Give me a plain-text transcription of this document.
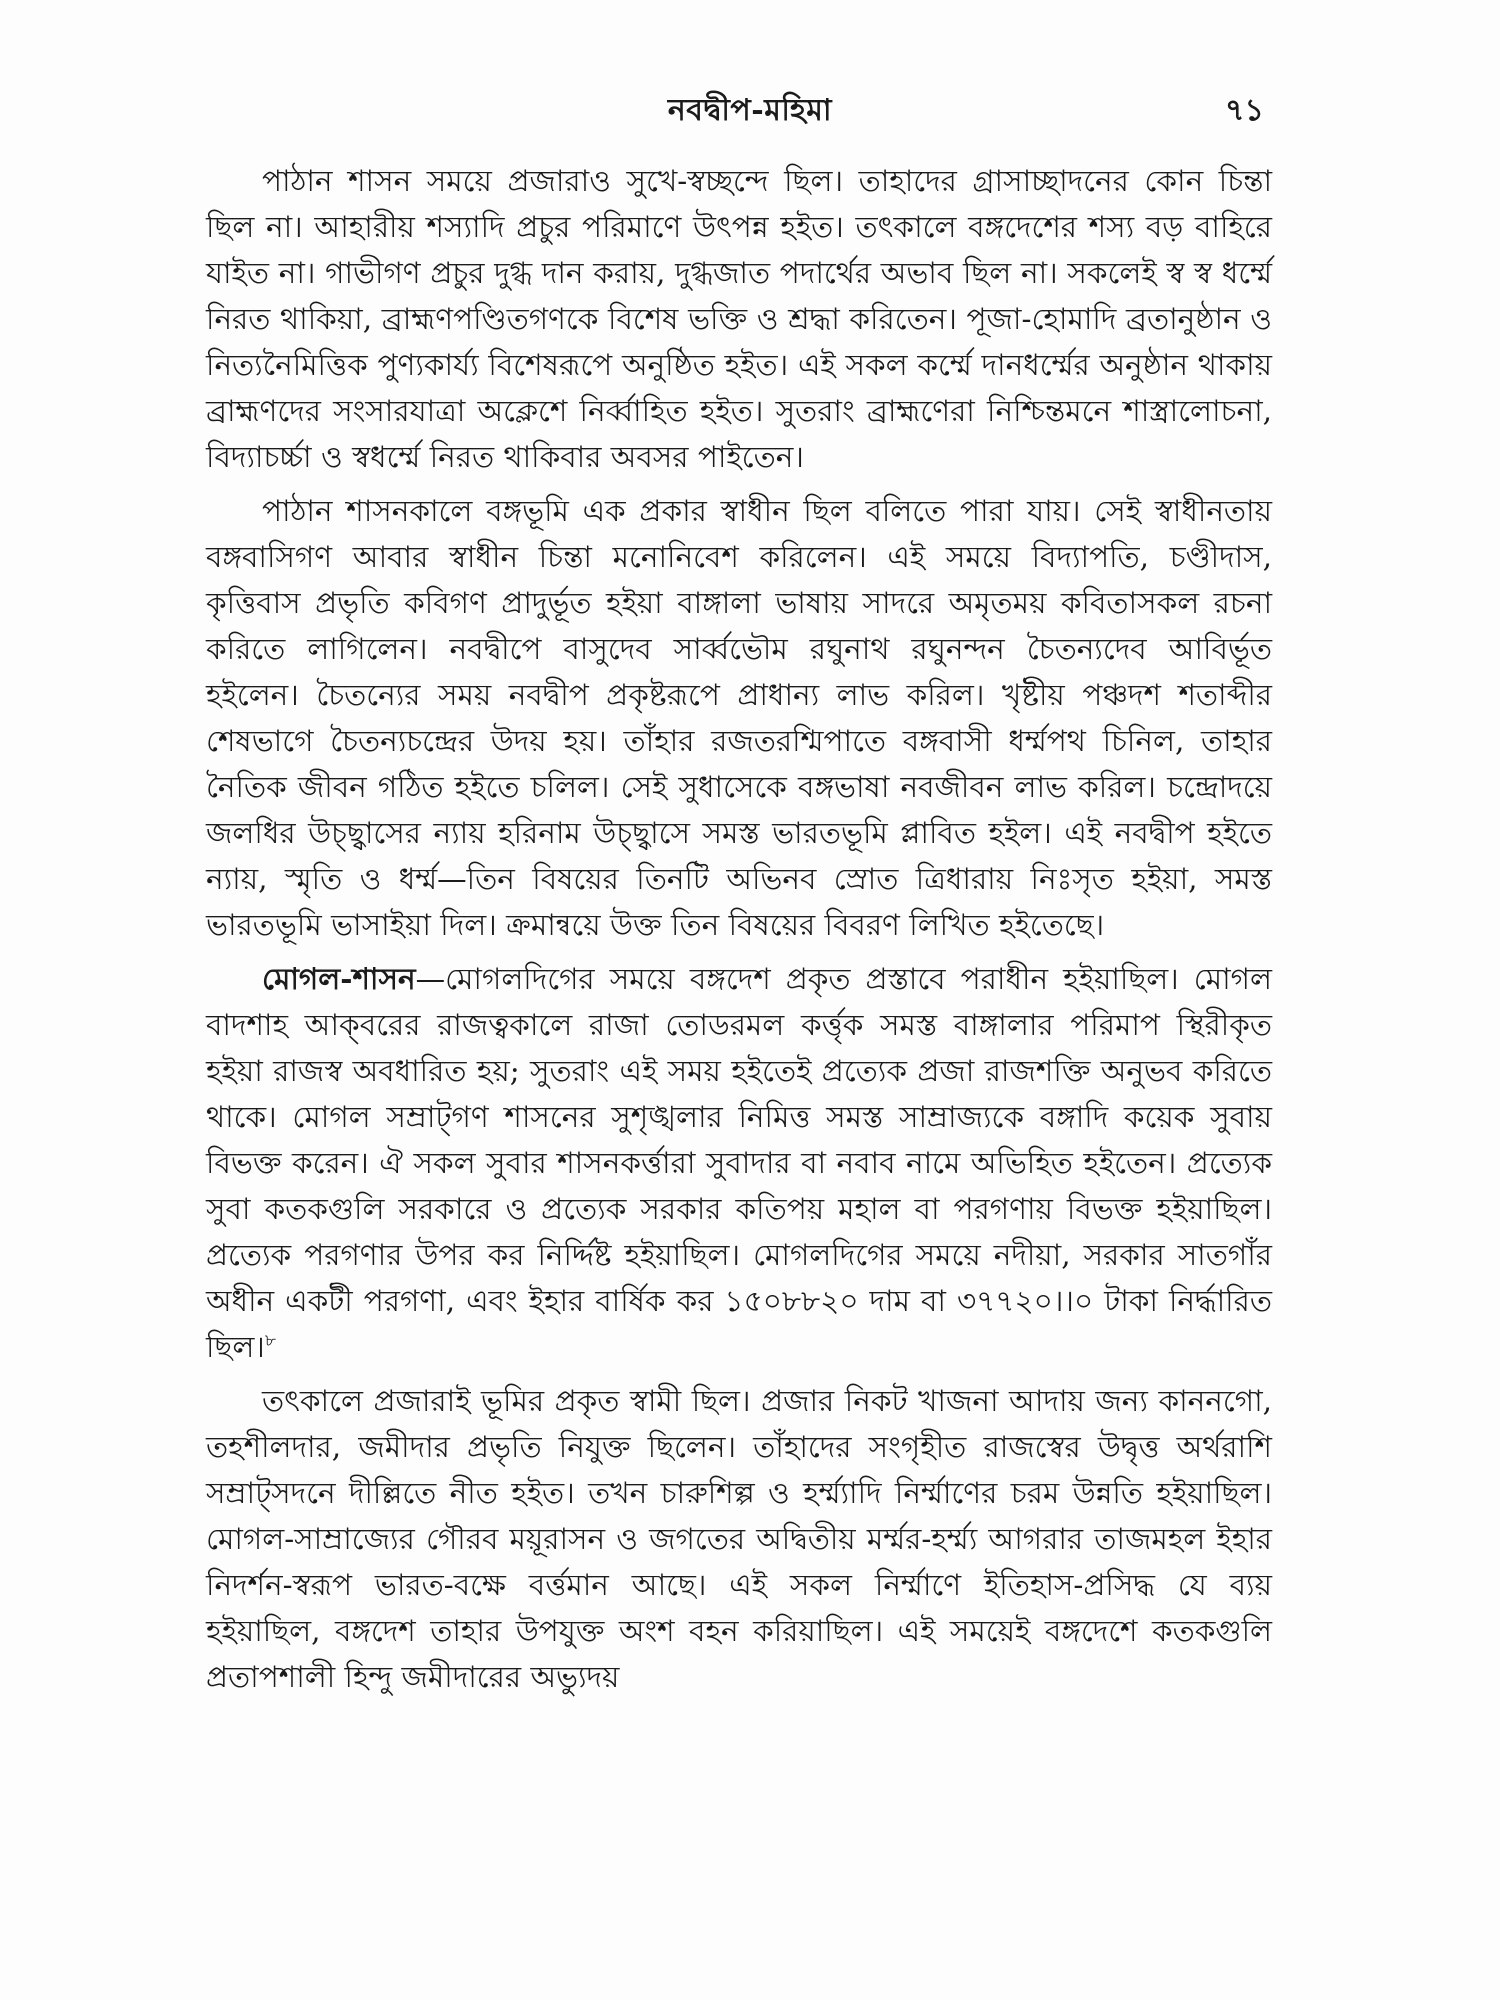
নবদ্বীপ-মহিমা	৭১

পাঠান শাসন সময়ে প্রজারাও সুখে-স্বচ্ছন্দে ছিল। তাহাদের গ্রাসাচ্ছাদনের কোন চিন্তা ছিল না। আহারীয় শস্যাদি প্রচুর পরিমাণে উৎপন্ন হইত। তৎকালে বঙ্গদেশের শস্য বড় বাহিরে যাইত না। গাভীগণ প্রচুর দুগ্ধ দান করায়, দুগ্ধজাত পদার্থের অভাব ছিল না। সকলেই স্ব স্ব ধর্ম্মে নিরত থাকিয়া, ব্রাহ্মণপণ্ডিতগণকে বিশেষ ভক্তি ও শ্রদ্ধা করিতেন। পূজা-হোমাদি ব্রতানুষ্ঠান ও নিত্যনৈমিত্তিক পুণ্যকার্য্য বিশেষরূপে অনুষ্ঠিত হইত। এই সকল কর্ম্মে দানধর্ম্মের অনুষ্ঠান থাকায় ব্রাহ্মণদের সংসারযাত্রা অক্লেশে নির্ব্বাহিত হইত। সুতরাং ব্রাহ্মণেরা নিশ্চিন্তমনে শাস্ত্রালোচনা, বিদ্যাচর্চ্চা ও স্বধর্ম্মে নিরত থাকিবার অবসর পাইতেন।

পাঠান শাসনকালে বঙ্গভূমি এক প্রকার স্বাধীন ছিল বলিতে পারা যায়। সেই স্বাধীনতায় বঙ্গবাসিগণ আবার স্বাধীন চিন্তা মনোনিবেশ করিলেন। এই সময়ে বিদ্যাপতি, চণ্ডীদাস, কৃত্তিবাস প্রভৃতি কবিগণ প্রাদুর্ভূত হইয়া বাঙ্গালা ভাষায় সাদরে অমৃতময় কবিতাসকল রচনা করিতে লাগিলেন। নবদ্বীপে বাসুদেব সার্ব্বভৌম রঘুনাথ রঘুনন্দন চৈতন্যদেব আবির্ভূত হইলেন। চৈতন্যের সময় নবদ্বীপ প্রকৃষ্টরূপে প্রাধান্য লাভ করিল। খৃষ্টীয় পঞ্চদশ শতাব্দীর শেষভাগে চৈতন্যচন্দ্রের উদয় হয়। তাঁহার রজতরশ্মিপাতে বঙ্গবাসী ধর্ম্মপথ চিনিল, তাহার নৈতিক জীবন গঠিত হইতে চলিল। সেই সুধাসেকে বঙ্গভাষা নবজীবন লাভ করিল। চন্দ্রোদয়ে জলধির উচ্ছ্বাসের ন্যায় হরিনাম উচ্ছ্বাসে সমস্ত ভারতভূমি প্লাবিত হইল। এই নবদ্বীপ হইতে ন্যায়, স্মৃতি ও ধর্ম্ম—তিন বিষয়ের তিনটি অভিনব স্রোত ত্রিধারায় নিঃসৃত হইয়া, সমস্ত ভারতভূমি ভাসাইয়া দিল। ক্রমান্বয়ে উক্ত তিন বিষয়ের বিবরণ লিখিত হইতেছে।

মোগল-শাসন—মোগলদিগের সময়ে বঙ্গদেশ প্রকৃত প্রস্তাবে পরাধীন হইয়াছিল। মোগল বাদশাহ আক্‌বরের রাজত্বকালে রাজা তোডরমল কর্ত্তৃক সমস্ত বাঙ্গালার পরিমাপ স্থিরীকৃত হইয়া রাজস্ব অবধারিত হয়; সুতরাং এই সময় হইতেই প্রত্যেক প্রজা রাজশক্তি অনুভব করিতে থাকে। মোগল সম্রাট্‌গণ শাসনের সুশৃঙ্খলার নিমিত্ত সমস্ত সাম্রাজ্যকে বঙ্গাদি কয়েক সুবায় বিভক্ত করেন। ঐ সকল সুবার শাসনকর্ত্তারা সুবাদার বা নবাব নামে অভিহিত হইতেন। প্রত্যেক সুবা কতকগুলি সরকারে ও প্রত্যেক সরকার কতিপয় মহাল বা পরগণায় বিভক্ত হইয়াছিল। প্রত্যেক পরগণার উপর কর নির্দ্দিষ্ট হইয়াছিল। মোগলদিগের সময়ে নদীয়া, সরকার সাতগাঁর অধীন একটী পরগণা, এবং ইহার বার্ষিক কর ১৫০৮৮২০ দাম বা ৩৭৭২০।।০ টাকা নির্দ্ধারিত ছিল।$^৮$

তৎকালে প্রজারাই ভূমির প্রকৃত স্বামী ছিল। প্রজার নিকট খাজনা আদায় জন্য কাননগো, তহশীলদার, জমীদার প্রভৃতি নিযুক্ত ছিলেন। তাঁহাদের সংগৃহীত রাজস্বের উদ্বৃত্ত অর্থরাশি সম্রাট্‌সদনে দীল্লিতে নীত হইত। তখন চারুশিল্প ও হর্ম্ম্যাদি নির্ম্মাণের চরম উন্নতি হইয়াছিল। মোগল-সাম্রাজ্যের গৌরব ময়ূরাসন ও জগতের অদ্বিতীয় মর্ম্মর-হর্ম্ম্য আগরার তাজমহল ইহার নিদর্শন-স্বরূপ ভারত-বক্ষে বর্ত্তমান আছে। এই সকল নির্ম্মাণে ইতিহাস-প্রসিদ্ধ যে ব্যয় হইয়াছিল, বঙ্গদেশ তাহার উপযুক্ত অংশ বহন করিয়াছিল। এই সময়েই বঙ্গদেশে কতকগুলি প্রতাপশালী হিন্দু জমীদারের অভ্যুদয়
